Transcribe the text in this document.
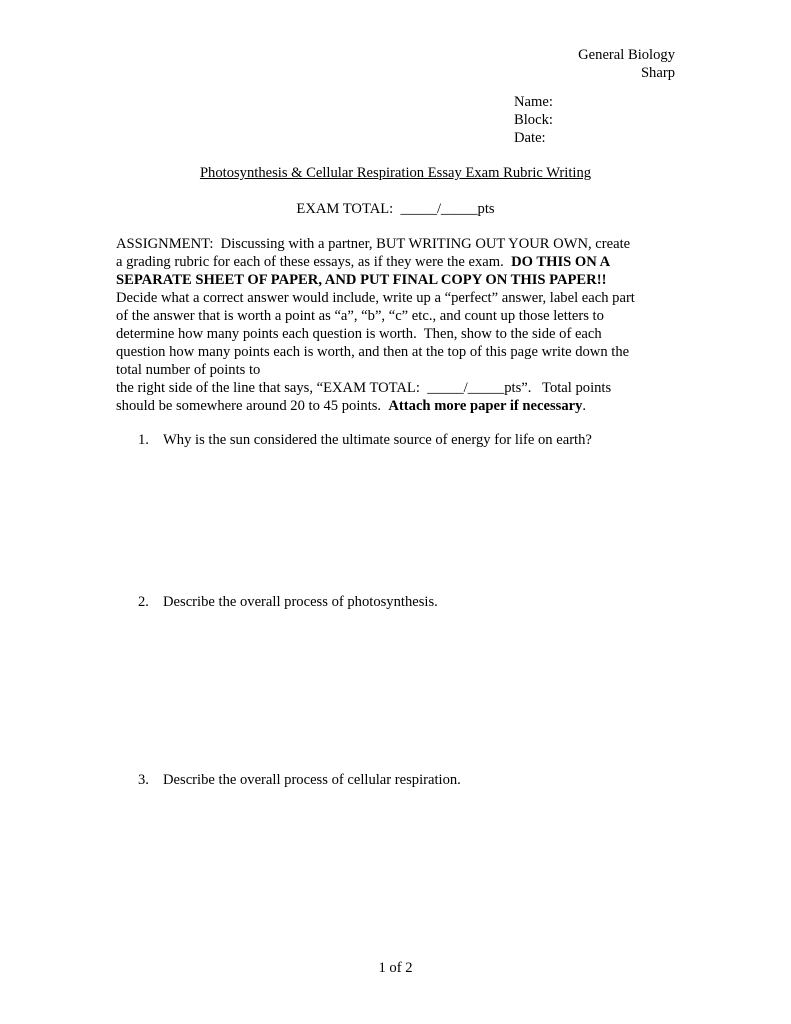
General Biology
Sharp
Name:
Block:
Date:
Photosynthesis & Cellular Respiration Essay Exam Rubric Writing
EXAM TOTAL:  _____/_____pts
ASSIGNMENT:  Discussing with a partner, BUT WRITING OUT YOUR OWN, create
a grading rubric for each of these essays, as if they were the exam.  DO THIS ON A
SEPARATE SHEET OF PAPER, AND PUT FINAL COPY ON THIS PAPER!!
Decide what a correct answer would include, write up a “perfect” answer, label each part
of the answer that is worth a point as “a”, “b”, “c” etc., and count up those letters to
determine how many points each question is worth.  Then, show to the side of each
question how many points each is worth, and then at the top of this page write down the
total number of points to
the right side of the line that says, “EXAM TOTAL:  _____/_____pts”.   Total points
should be somewhere around 20 to 45 points.  Attach more paper if necessary.
1. Why is the sun considered the ultimate source of energy for life on earth?
2. Describe the overall process of photosynthesis.
3. Describe the overall process of cellular respiration.
1 of 2
